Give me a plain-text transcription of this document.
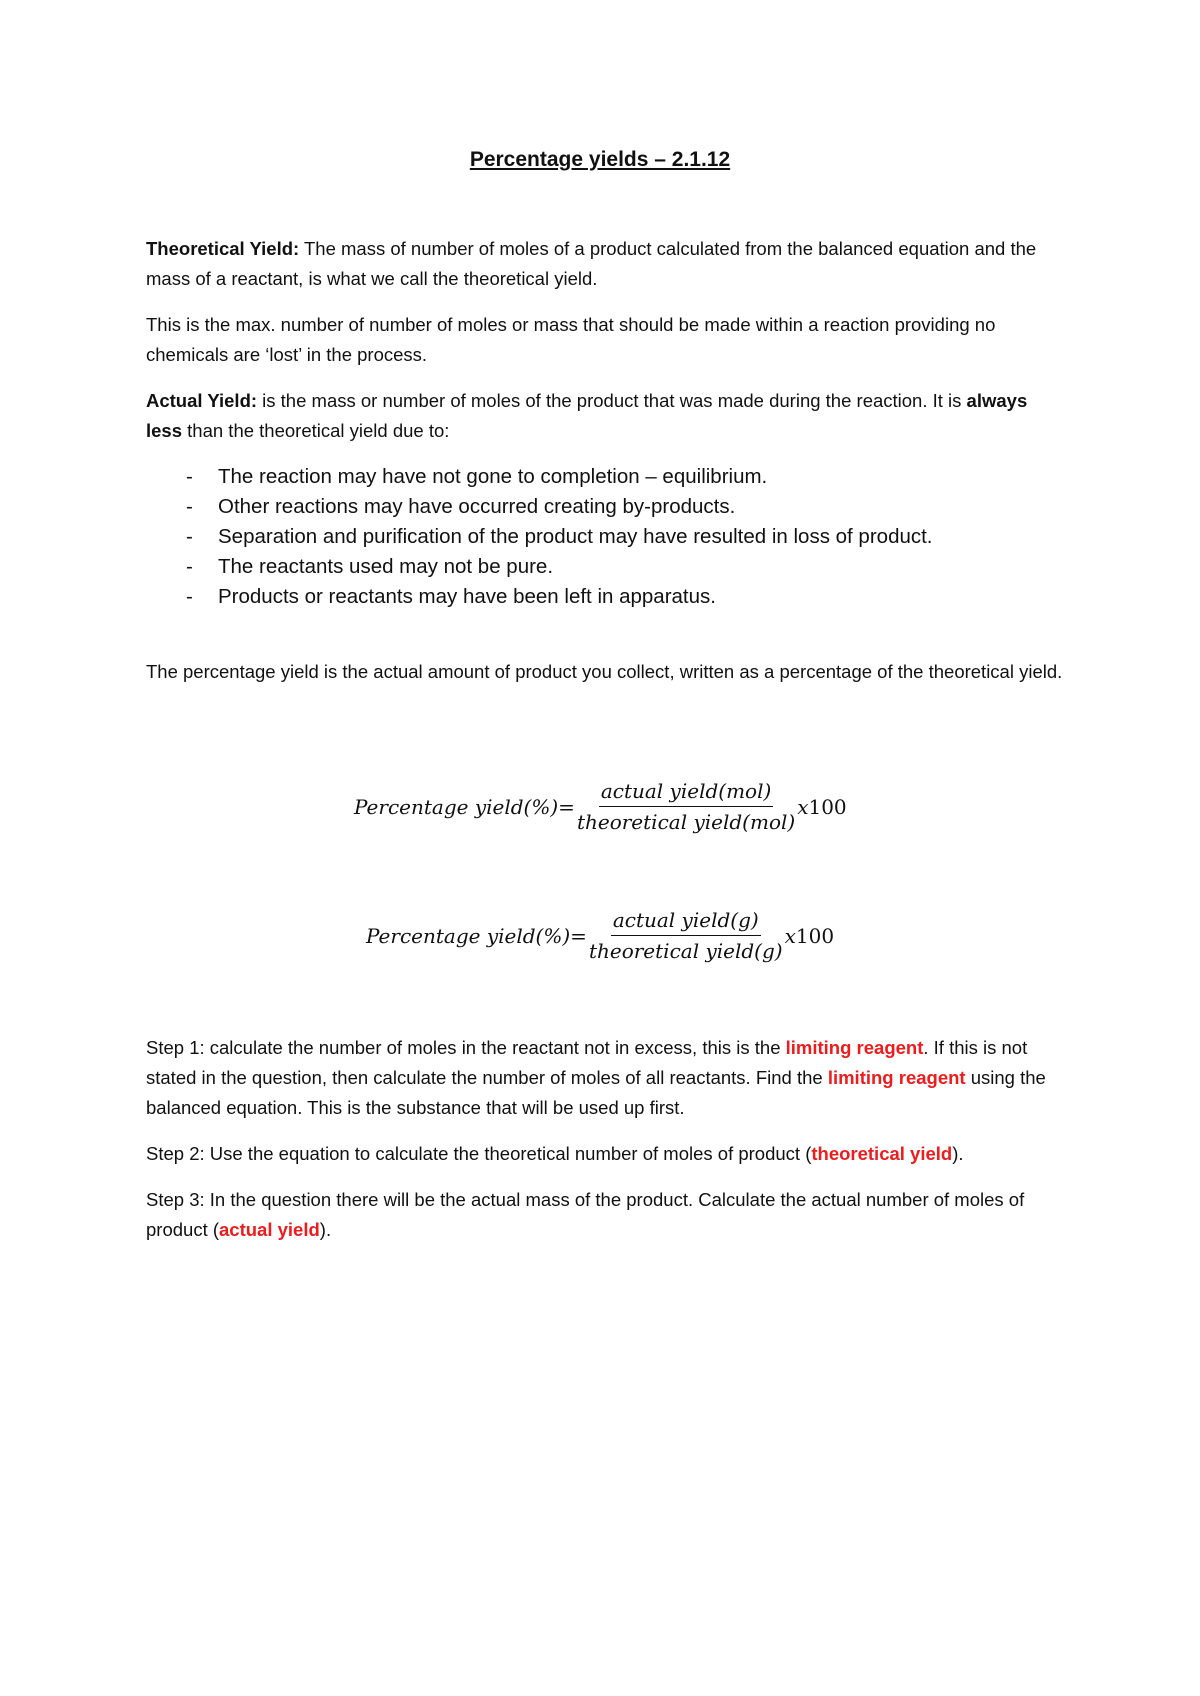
Percentage yields – 2.1.12
Theoretical Yield: The mass of number of moles of a product calculated from the balanced equation and the mass of a reactant, is what we call the theoretical yield.
This is the max. number of number of moles or mass that should be made within a reaction providing no chemicals are ‘lost’ in the process.
Actual Yield: is the mass or number of moles of the product that was made during the reaction. It is always less than the theoretical yield due to:
- The reaction may have not gone to completion – equilibrium.
- Other reactions may have occurred creating by-products.
- Separation and purification of the product may have resulted in loss of product.
- The reactants used may not be pure.
- Products or reactants may have been left in apparatus.
The percentage yield is the actual amount of product you collect, written as a percentage of the theoretical yield.
Percentage yield(%)= $\frac{\text{actual yield(mol)}}{\text{theoretical yield(mol)}}$ x 100
Percentage yield(%)= $\frac{\text{actual yield(g)}}{\text{theoretical yield(g)}}$ x 100
Step 1: calculate the number of moles in the reactant not in excess, this is the limiting reagent. If this is not stated in the question, then calculate the number of moles of all reactants. Find the limiting reagent using the balanced equation. This is the substance that will be used up first.
Step 2: Use the equation to calculate the theoretical number of moles of product (theoretical yield).
Step 3: In the question there will be the actual mass of the product. Calculate the actual number of moles of product (actual yield).
